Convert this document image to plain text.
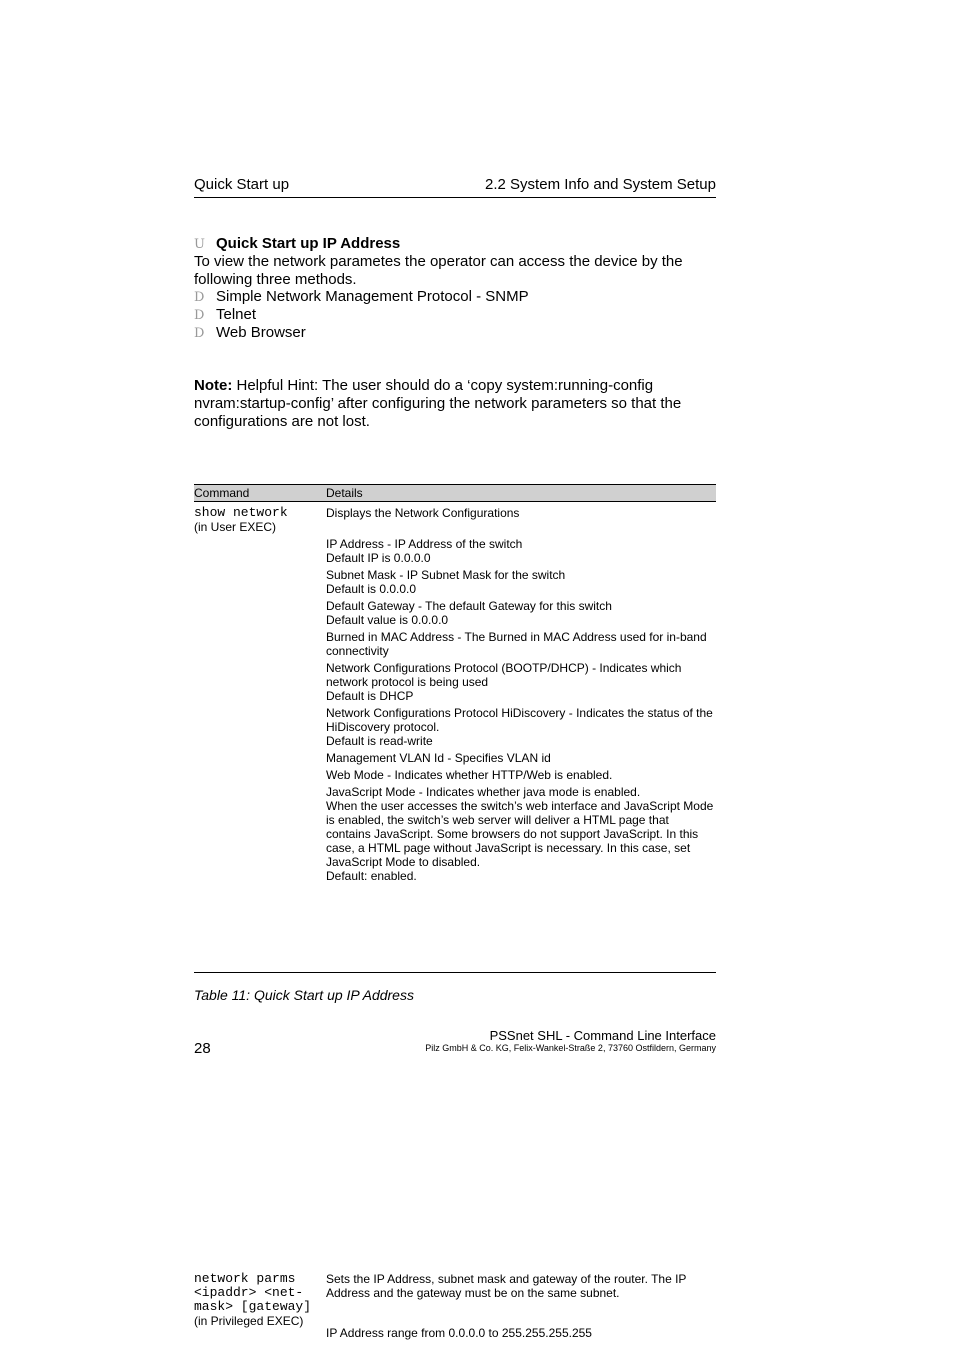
Quick Start up	2.2 System Info and System Setup
U Quick Start up IP Address
To view the network parametes the operator can access the device by the following three methods.
D Simple Network Management Protocol - SNMP
D Telnet
D Web Browser
Note: Helpful Hint: The user should do a ‘copy system:running-config nvram:startup-config’ after configuring the network parameters so that the configurations are not lost.
Command	Details
show network
(in User EXEC)
Displays the Network Configurations
IP Address - IP Address of the switch
Default IP is 0.0.0.0
Subnet Mask - IP Subnet Mask for the switch
Default is 0.0.0.0
Default Gateway - The default Gateway for this switch
Default value is 0.0.0.0
Burned in MAC Address - The Burned in MAC Address used for in-band connectivity
Network Configurations Protocol (BOOTP/DHCP) - Indicates which network protocol is being used
Default is DHCP
Network Configurations Protocol HiDiscovery - Indicates the status of the HiDiscovery protocol.
Default is read-write
Management VLAN Id - Specifies VLAN id
Web Mode - Indicates whether HTTP/Web is enabled.
JavaScript Mode - Indicates whether java mode is enabled.
When the user accesses the switch’s web interface and JavaScript Mode is enabled, the switch’s web server will deliver a HTML page that contains JavaScript. Some browsers do not support JavaScript. In this case, a HTML page without JavaScript is necessary. In this case, set JavaScript Mode to disabled.
Default: enabled.
network parms
<ipaddr> <net-mask> [gateway]
(in Privileged EXEC)
Sets the IP Address, subnet mask and gateway of the router. The IP Address and the gateway must be on the same subnet.
IP Address range from 0.0.0.0 to 255.255.255.255
Table 11: Quick Start up IP Address
28
PSSnet SHL - Command Line Interface
Pilz GmbH & Co. KG, Felix-Wankel-Straße 2, 73760 Ostfildern, Germany
